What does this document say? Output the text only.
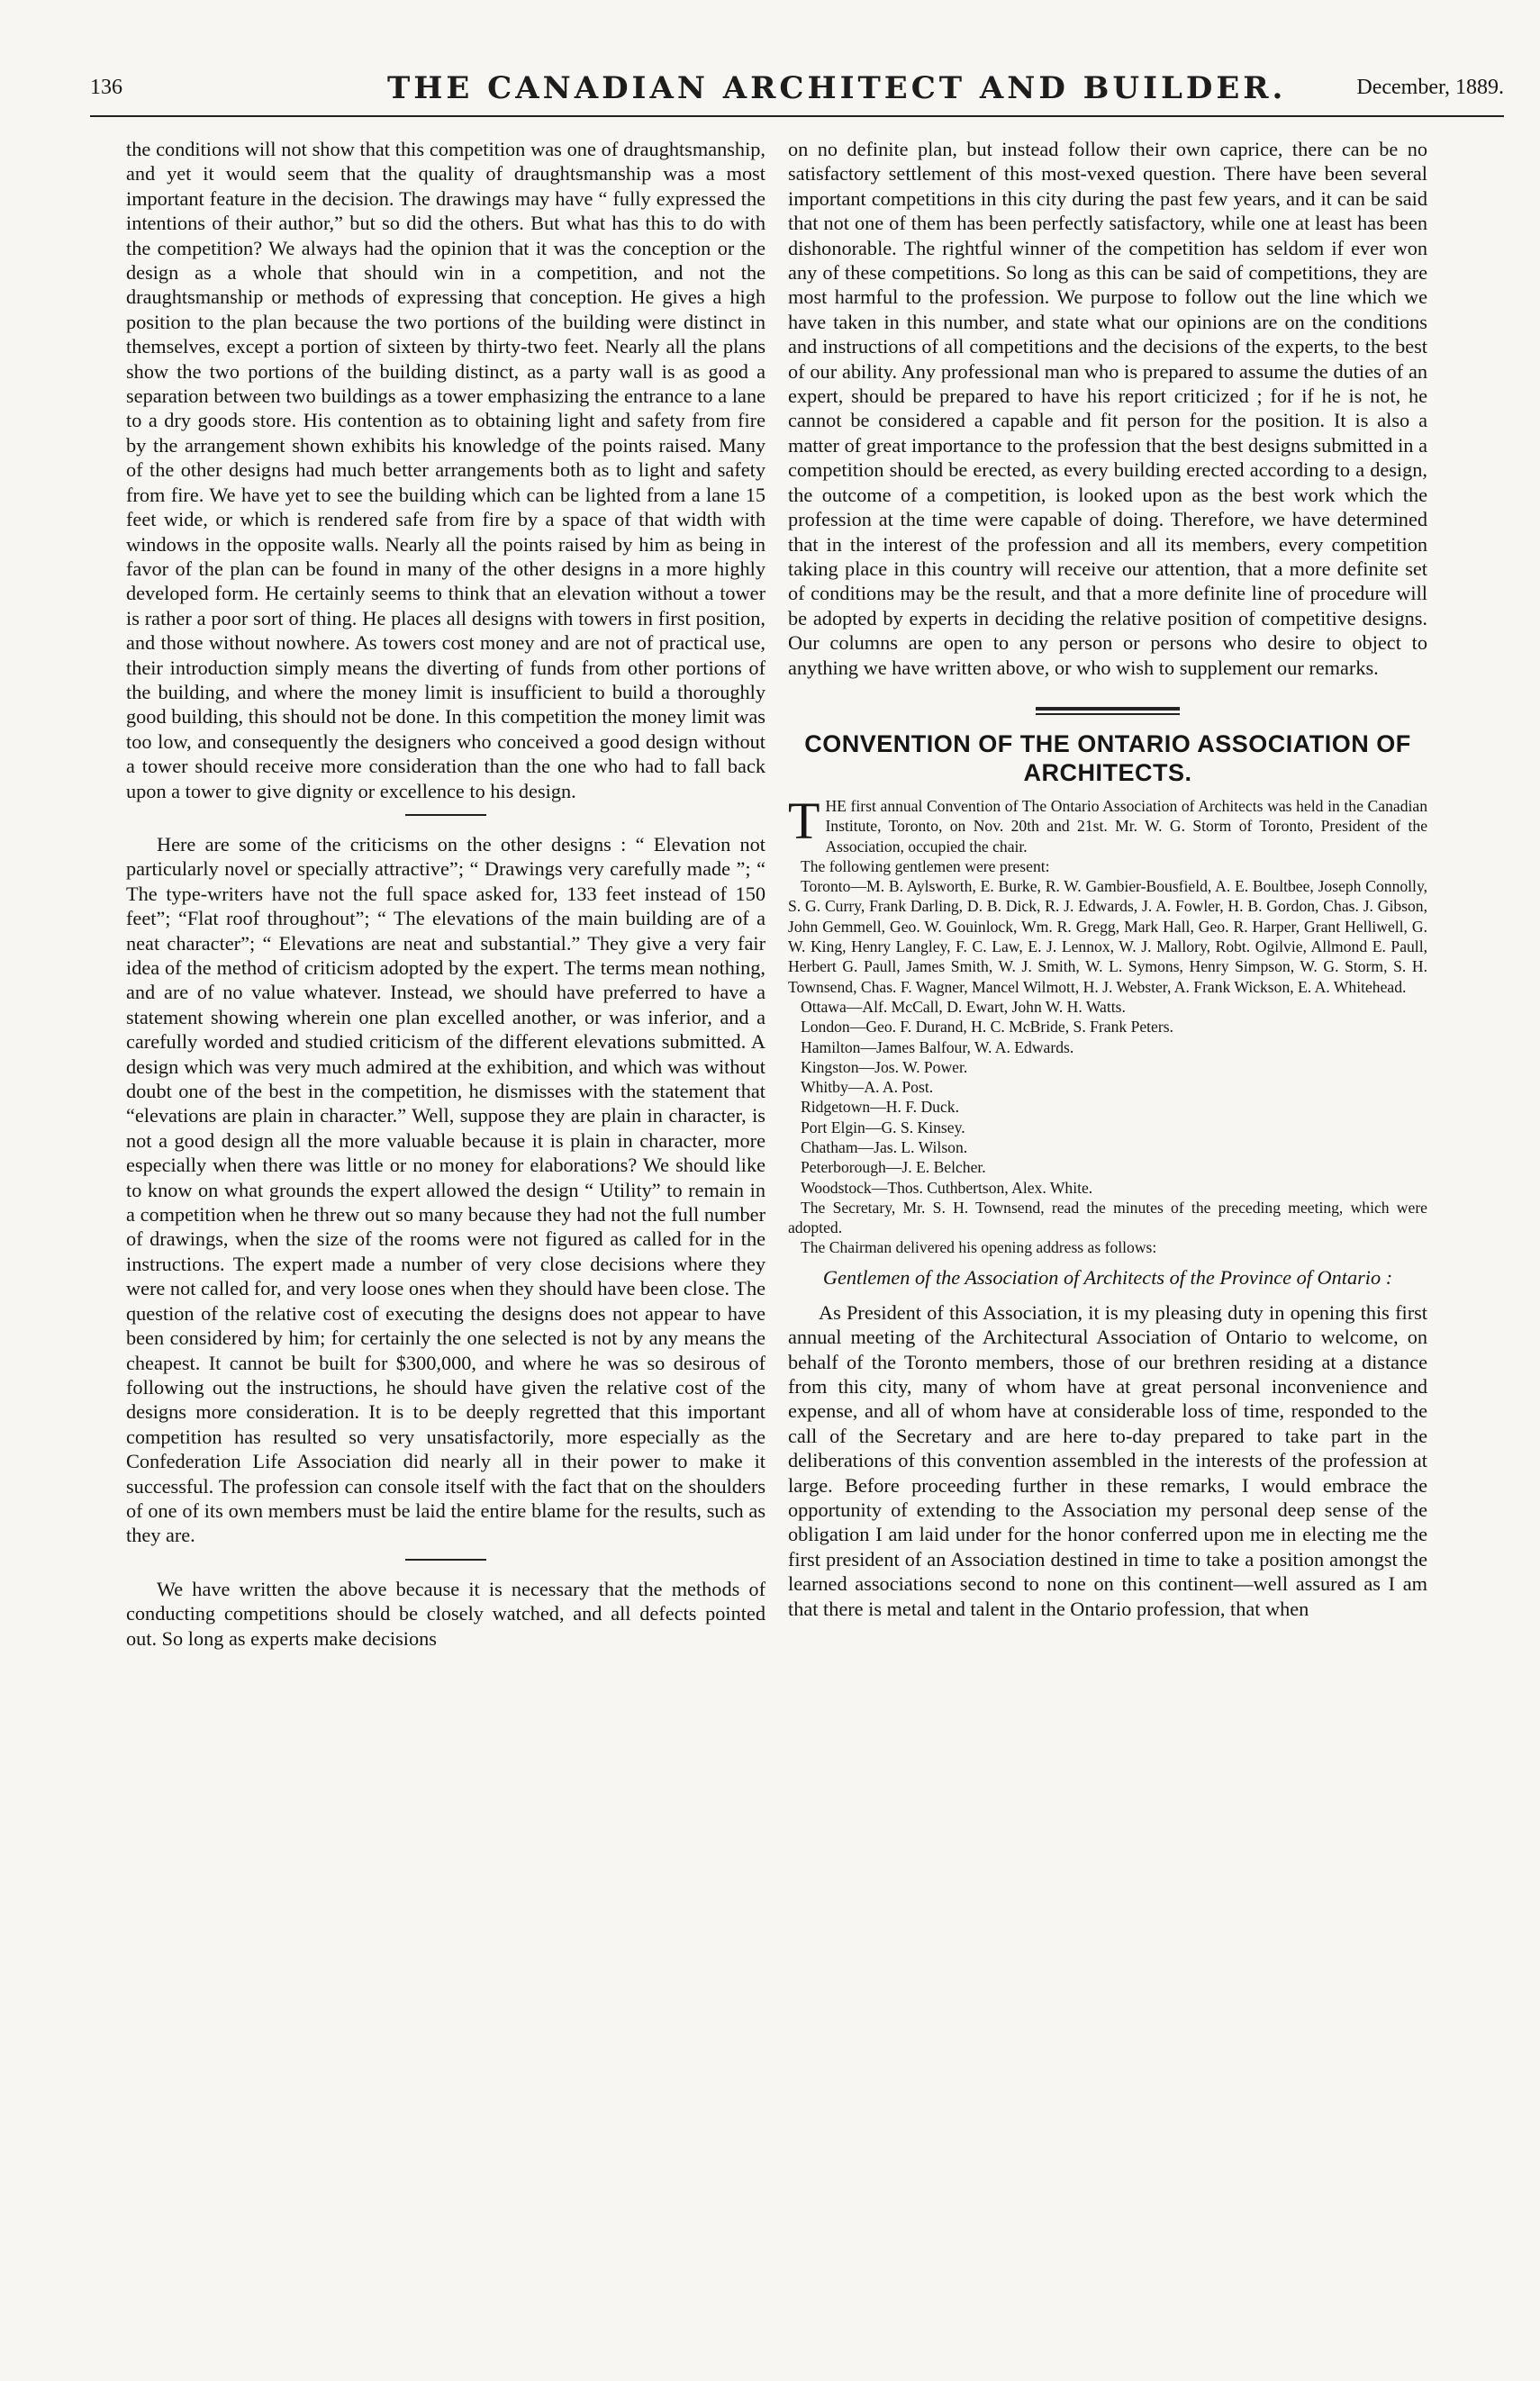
136	THE CANADIAN ARCHITECT AND BUILDER.	December, 1889.

the conditions will not show that this competition was one of draughtsmanship, and yet it would seem that the quality of draughtsmanship was a most important feature in the decision. The drawings may have “ fully expressed the intentions of their author,” but so did the others. But what has this to do with the competition? We always had the opinion that it was the conception or the design as a whole that should win in a competition, and not the draughtsmanship or methods of expressing that conception. He gives a high position to the plan because the two portions of the building were distinct in themselves, except a portion of sixteen by thirty-two feet. Nearly all the plans show the two portions of the building distinct, as a party wall is as good a separation between two buildings as a tower emphasizing the entrance to a lane to a dry goods store. His contention as to obtaining light and safety from fire by the arrangement shown exhibits his knowledge of the points raised. Many of the other designs had much better arrangements both as to light and safety from fire. We have yet to see the building which can be lighted from a lane 15 feet wide, or which is rendered safe from fire by a space of that width with windows in the opposite walls. Nearly all the points raised by him as being in favor of the plan can be found in many of the other designs in a more highly developed form. He certainly seems to think that an elevation without a tower is rather a poor sort of thing. He places all designs with towers in first position, and those without nowhere. As towers cost money and are not of practical use, their introduction simply means the diverting of funds from other portions of the building, and where the money limit is insufficient to build a thoroughly good building, this should not be done. In this competition the money limit was too low, and consequently the designers who conceived a good design without a tower should receive more consideration than the one who had to fall back upon a tower to give dignity or excellence to his design.

Here are some of the criticisms on the other designs : “ Elevation not particularly novel or specially attractive”; “ Drawings very carefully made ”; “ The type-writers have not the full space asked for, 133 feet instead of 150 feet”; “Flat roof throughout”; “ The elevations of the main building are of a neat character”; “ Elevations are neat and substantial.” They give a very fair idea of the method of criticism adopted by the expert. The terms mean nothing, and are of no value whatever. Instead, we should have preferred to have a statement showing wherein one plan excelled another, or was inferior, and a carefully worded and studied criticism of the different elevations submitted. A design which was very much admired at the exhibition, and which was without doubt one of the best in the competition, he dismisses with the statement that “elevations are plain in character.” Well, suppose they are plain in character, is not a good design all the more valuable because it is plain in character, more especially when there was little or no money for elaborations? We should like to know on what grounds the expert allowed the design “ Utility” to remain in a competition when he threw out so many because they had not the full number of drawings, when the size of the rooms were not figured as called for in the instructions. The expert made a number of very close decisions where they were not called for, and very loose ones when they should have been close. The question of the relative cost of executing the designs does not appear to have been considered by him; for certainly the one selected is not by any means the cheapest. It cannot be built for $300,000, and where he was so desirous of following out the instructions, he should have given the relative cost of the designs more consideration. It is to be deeply regretted that this important competition has resulted so very unsatisfactorily, more especially as the Confederation Life Association did nearly all in their power to make it successful. The profession can console itself with the fact that on the shoulders of one of its own members must be laid the entire blame for the results, such as they are.

We have written the above because it is necessary that the methods of conducting competitions should be closely watched, and all defects pointed out. So long as experts make decisions

on no definite plan, but instead follow their own caprice, there can be no satisfactory settlement of this most-vexed question. There have been several important competitions in this city during the past few years, and it can be said that not one of them has been perfectly satisfactory, while one at least has been dishonorable. The rightful winner of the competition has seldom if ever won any of these competitions. So long as this can be said of competitions, they are most harmful to the profession. We purpose to follow out the line which we have taken in this number, and state what our opinions are on the conditions and instructions of all competitions and the decisions of the experts, to the best of our ability. Any professional man who is prepared to assume the duties of an expert, should be prepared to have his report criticized ; for if he is not, he cannot be considered a capable and fit person for the position. It is also a matter of great importance to the profession that the best designs submitted in a competition should be erected, as every building erected according to a design, the outcome of a competition, is looked upon as the best work which the profession at the time were capable of doing. Therefore, we have determined that in the interest of the profession and all its members, every competition taking place in this country will receive our attention, that a more definite set of conditions may be the result, and that a more definite line of procedure will be adopted by experts in deciding the relative position of competitive designs. Our columns are open to any person or persons who desire to object to anything we have written above, or who wish to supplement our remarks.

CONVENTION OF THE ONTARIO ASSOCIATION OF ARCHITECTS.

THE first annual Convention of The Ontario Association of Architects was held in the Canadian Institute, Toronto, on Nov. 20th and 21st. Mr. W. G. Storm of Toronto, President of the Association, occupied the chair.

The following gentlemen were present:

Toronto—M. B. Aylsworth, E. Burke, R. W. Gambier-Bousfield, A. E. Boultbee, Joseph Connolly, S. G. Curry, Frank Darling, D. B. Dick, R. J. Edwards, J. A. Fowler, H. B. Gordon, Chas. J. Gibson, John Gemmell, Geo. W. Gouinlock, Wm. R. Gregg, Mark Hall, Geo. R. Harper, Grant Helliwell, G. W. King, Henry Langley, F. C. Law, E. J. Lennox, W. J. Mallory, Robt. Ogilvie, Allmond E. Paull, Herbert G. Paull, James Smith, W. J. Smith, W. L. Symons, Henry Simpson, W. G. Storm, S. H. Townsend, Chas. F. Wagner, Mancel Wilmott, H. J. Webster, A. Frank Wickson, E. A. Whitehead.

Ottawa—Alf. McCall, D. Ewart, John W. H. Watts.

London—Geo. F. Durand, H. C. McBride, S. Frank Peters.

Hamilton—James Balfour, W. A. Edwards.

Kingston—Jos. W. Power.

Whitby—A. A. Post.

Ridgetown—H. F. Duck.

Port Elgin—G. S. Kinsey.

Chatham—Jas. L. Wilson.

Peterborough—J. E. Belcher.

Woodstock—Thos. Cuthbertson, Alex. White.

The Secretary, Mr. S. H. Townsend, read the minutes of the preceding meeting, which were adopted.

The Chairman delivered his opening address as follows:

Gentlemen of the Association of Architects of the Province of Ontario :

As President of this Association, it is my pleasing duty in opening this first annual meeting of the Architectural Association of Ontario to welcome, on behalf of the Toronto members, those of our brethren residing at a distance from this city, many of whom have at great personal inconvenience and expense, and all of whom have at considerable loss of time, responded to the call of the Secretary and are here to-day prepared to take part in the deliberations of this convention assembled in the interests of the profession at large. Before proceeding further in these remarks, I would embrace the opportunity of extending to the Association my personal deep sense of the obligation I am laid under for the honor conferred upon me in electing me the first president of an Association destined in time to take a position amongst the learned associations second to none on this continent—well assured as I am that there is metal and talent in the Ontario profession, that when
